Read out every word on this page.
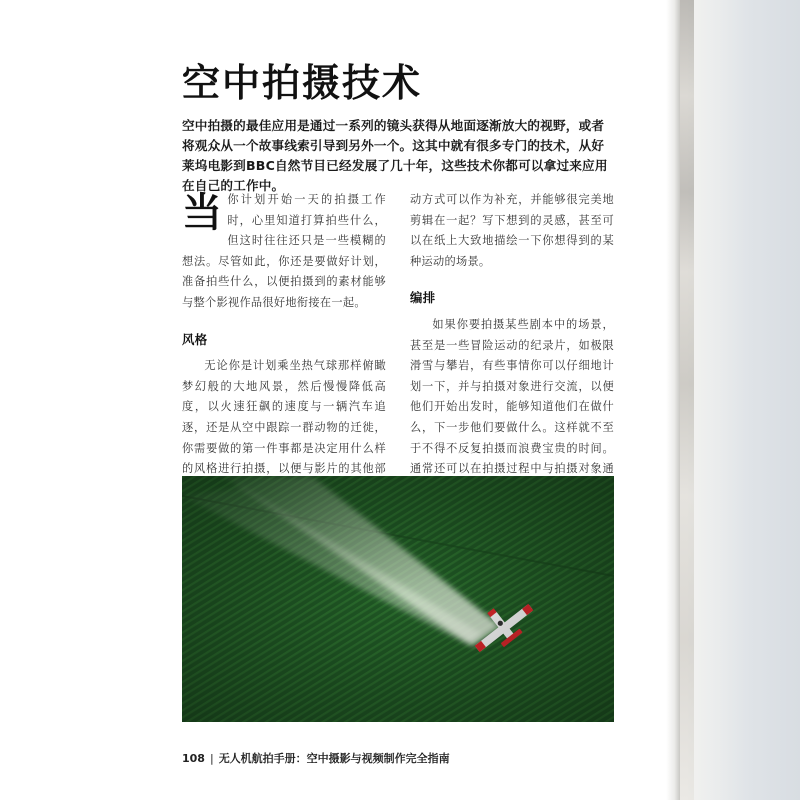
空中拍摄技术

空中拍摄的最佳应用是通过一系列的镜头获得从地面逐渐放大的视野，或者将观众从一个故事线索引导到另外一个。这其中就有很多专门的技术，从好莱坞电影到BBC自然节目已经发展了几十年，这些技术你都可以拿过来应用在自己的工作中。

当你计划开始一天的拍摄工作时，心里知道打算拍些什么，但这时往往还只是一些模糊的想法。尽管如此，你还是要做好计划，准备拍些什么，以便拍摄到的素材能够与整个影视作品很好地衔接在一起。

风格

无论你是计划乘坐热气球那样俯瞰梦幻般的大地风景，然后慢慢降低高度，以火速狂飙的速度与一辆汽车追逐，还是从空中跟踪一群动物的迁徙，你需要做的第一件事都是决定用什么样的风格进行拍摄，以便与影片的其他部

动方式可以作为补充，并能够很完美地剪辑在一起？写下想到的灵感，甚至可以在纸上大致地描绘一下你想得到的某种运动的场景。

编排

如果你要拍摄某些剧本中的场景，甚至是一些冒险运动的纪录片，如极限滑雪与攀岩，有些事情你可以仔细地计划一下，并与拍摄对象进行交流，以便他们开始出发时，能够知道他们在做什么，下一步他们要做什么。这样就不至于不得不反复拍摄而浪费宝贵的时间。通常还可以在拍摄过程中与拍摄对象通

108 | 无人机航拍手册：空中摄影与视频制作完全指南
